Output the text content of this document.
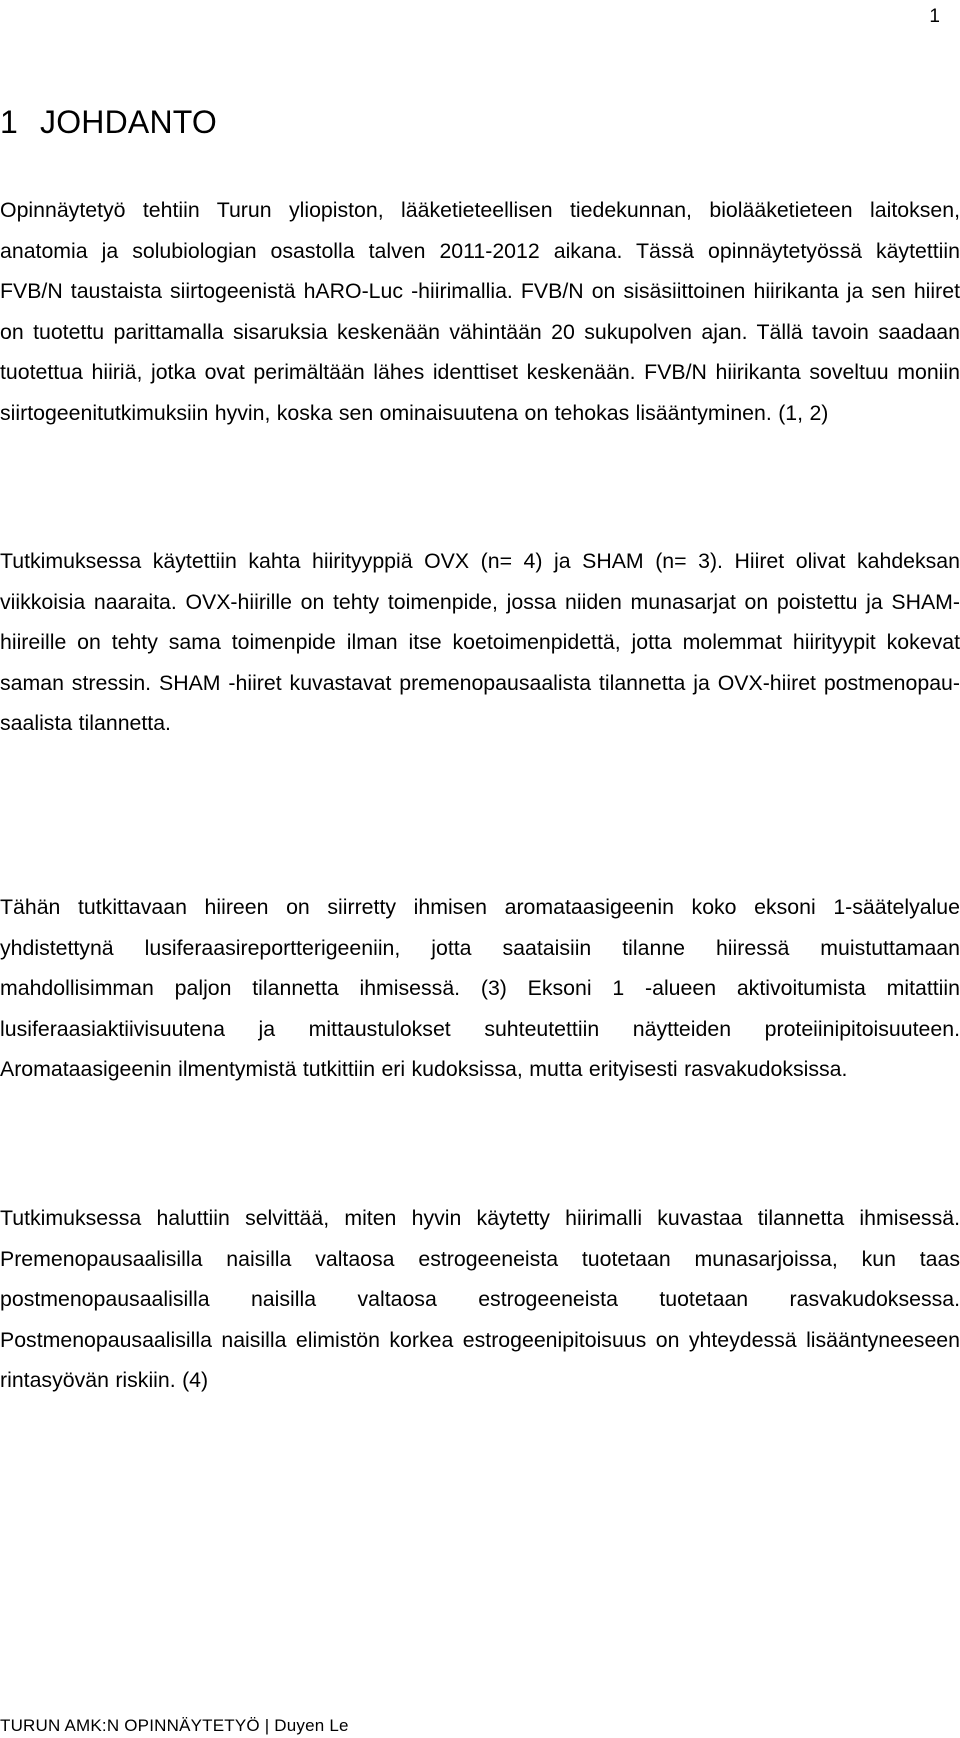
1
1 JOHDANTO

Opinnäytetyö tehtiin Turun yliopiston, lääketieteellisen tiedekunnan, biolääketieteen laitoksen, anatomia ja solubiologian osastolla talven 2011-2012 aikana. Tässä opinnäytetyössä käytettiin FVB/N taustaista siirtogeenistä hARO-Luc -hiirimallia. FVB/N on sisäsiittoinen hiirikanta ja sen hiiret on tuotettu parittamalla sisaruksia keskenään vähintään 20 sukupolven ajan. Tällä tavoin saadaan tuotettua hiiriä, jotka ovat perimältään lähes identtiset keskenään. FVB/N hiirikanta soveltuu moniin siirtogeenitutkimuksiin hyvin, koska sen ominaisuutena on tehokas lisääntyminen. (1, 2)

Tutkimuksessa käytettiin kahta hiirityyppiä OVX (n= 4) ja SHAM (n= 3). Hiiret olivat kahdeksan viikkoisia naaraita. OVX-hiirille on tehty toimenpide, jossa niiden munasarjat on poistettu ja SHAM-hiireille on tehty sama toimenpide ilman itse koetoimenpidettä, jotta molemmat hiirityypit kokevat saman stressin. SHAM -hiiret kuvastavat premenopausaalista tilannetta ja OVX-hiiret postmenopausaalista tilannetta.

Tähän tutkittavaan hiireen on siirretty ihmisen aromataasigeenin koko eksoni 1-säätelyalue yhdistettynä lusiferaasireportterigeeniin, jotta saataisiin tilanne hiiressä muistuttamaan mahdollisimman paljon tilannetta ihmisessä. (3) Eksoni 1 -alueen aktivoitumista mitattiin lusiferaasiaktiivisuutena ja mittaustulokset suhteutettiin näytteiden proteiinipitoisuuteen. Aromataasigeenin ilmentymistä tutkittiin eri kudoksissa, mutta erityisesti rasvakudoksissa.

Tutkimuksessa haluttiin selvittää, miten hyvin käytetty hiirimalli kuvastaa tilannetta ihmisessä. Premenopausaalisilla naisilla valtaosa estrogeeneista tuotetaan munasarjoissa, kun taas postmenopausaalisilla naisilla valtaosa estrogeeneista tuotetaan rasvakudoksessa. Postmenopausaalisilla naisilla elimistön korkea estrogeenipitoisuus on yhteydessä lisääntyneeseen rintasyövän riskiin. (4)

TURUN AMK:N OPINNÄYTETYÖ | Duyen Le
